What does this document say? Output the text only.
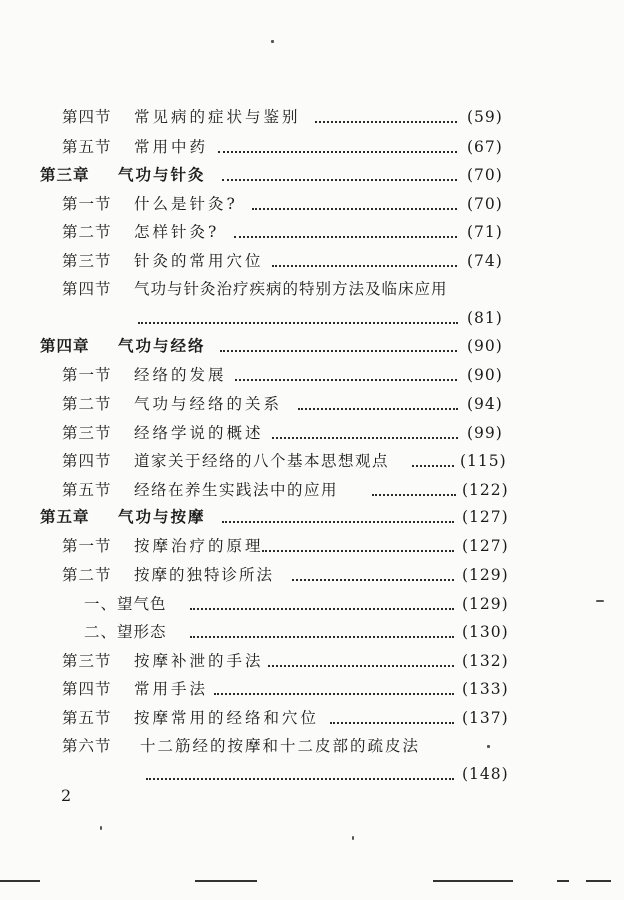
第四节 常见病的症状与鉴别	(59)
第五节 常用中药	(67)
第三章 气功与针灸	(70)
第一节 什么是针灸?	(70)
第二节 怎样针灸?	(71)
第三节 针灸的常用穴位	(74)
第四节 气功与针灸治疗疾病的特别方法及临床应用
(81)
第四章 气功与经络	(90)
第一节 经络的发展	(90)
第二节 气功与经络的关系	(94)
第三节 经络学说的概述	(99)
第四节 道家关于经络的八个基本思想观点	(115)
第五节 经络在养生实践法中的应用	(122)
第五章 气功与按摩	(127)
第一节 按摩治疗的原理	(127)
第二节 按摩的独特诊所法	(129)
一、望气色	(129)
二、望形态	(130)
第三节 按摩补泄的手法	(132)
第四节 常用手法	(133)
第五节 按摩常用的经络和穴位	(137)
第六节 十二筋经的按摩和十二皮部的疏皮法
(148)
2
